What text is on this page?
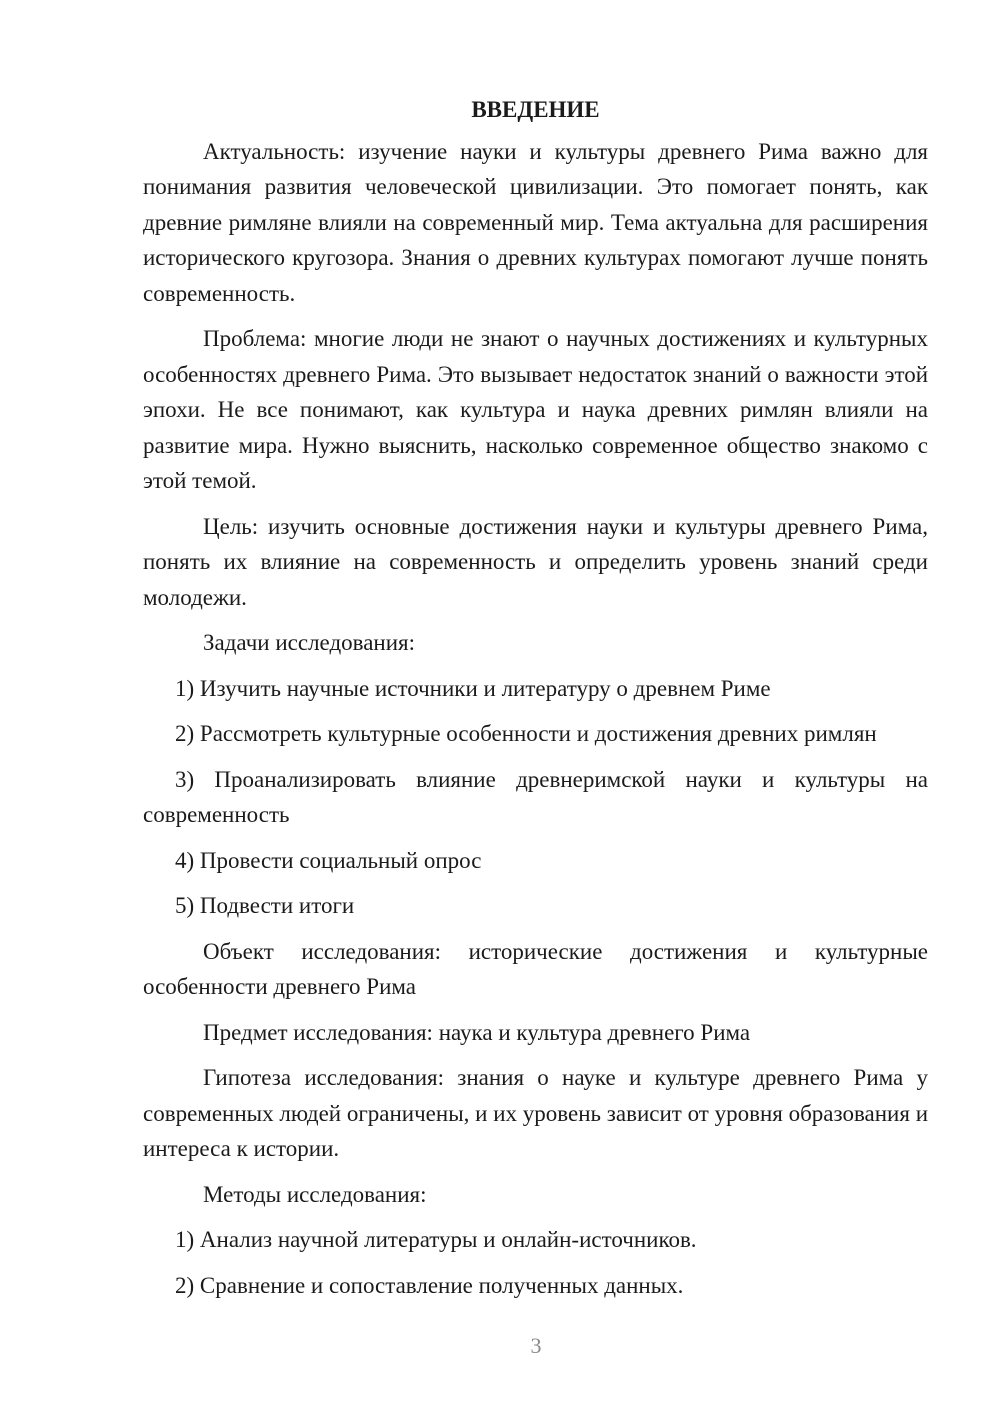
ВВЕДЕНИЕ

Актуальность: изучение науки и культуры древнего Рима важно для понимания развития человеческой цивилизации. Это помогает понять, как древние римляне влияли на современный мир. Тема актуальна для расширения исторического кругозора. Знания о древних культурах помогают лучше понять современность.

Проблема: многие люди не знают о научных достижениях и культурных особенностях древнего Рима. Это вызывает недостаток знаний о важности этой эпохи. Не все понимают, как культура и наука древних римлян влияли на развитие мира. Нужно выяснить, насколько современное общество знакомо с этой темой.

Цель: изучить основные достижения науки и культуры древнего Рима, понять их влияние на современность и определить уровень знаний среди молодежи.

Задачи исследования:

1) Изучить научные источники и литературу о древнем Риме

2) Рассмотреть культурные особенности и достижения древних римлян

3) Проанализировать влияние древнеримской науки и культуры на современность

4) Провести социальный опрос

5) Подвести итоги

Объект исследования: исторические достижения и культурные особенности древнего Рима

Предмет исследования: наука и культура древнего Рима

Гипотеза исследования: знания о науке и культуре древнего Рима у современных людей ограничены, и их уровень зависит от уровня образования и интереса к истории.

Методы исследования:

1) Анализ научной литературы и онлайн-источников.

2) Сравнение и сопоставление полученных данных.

3
